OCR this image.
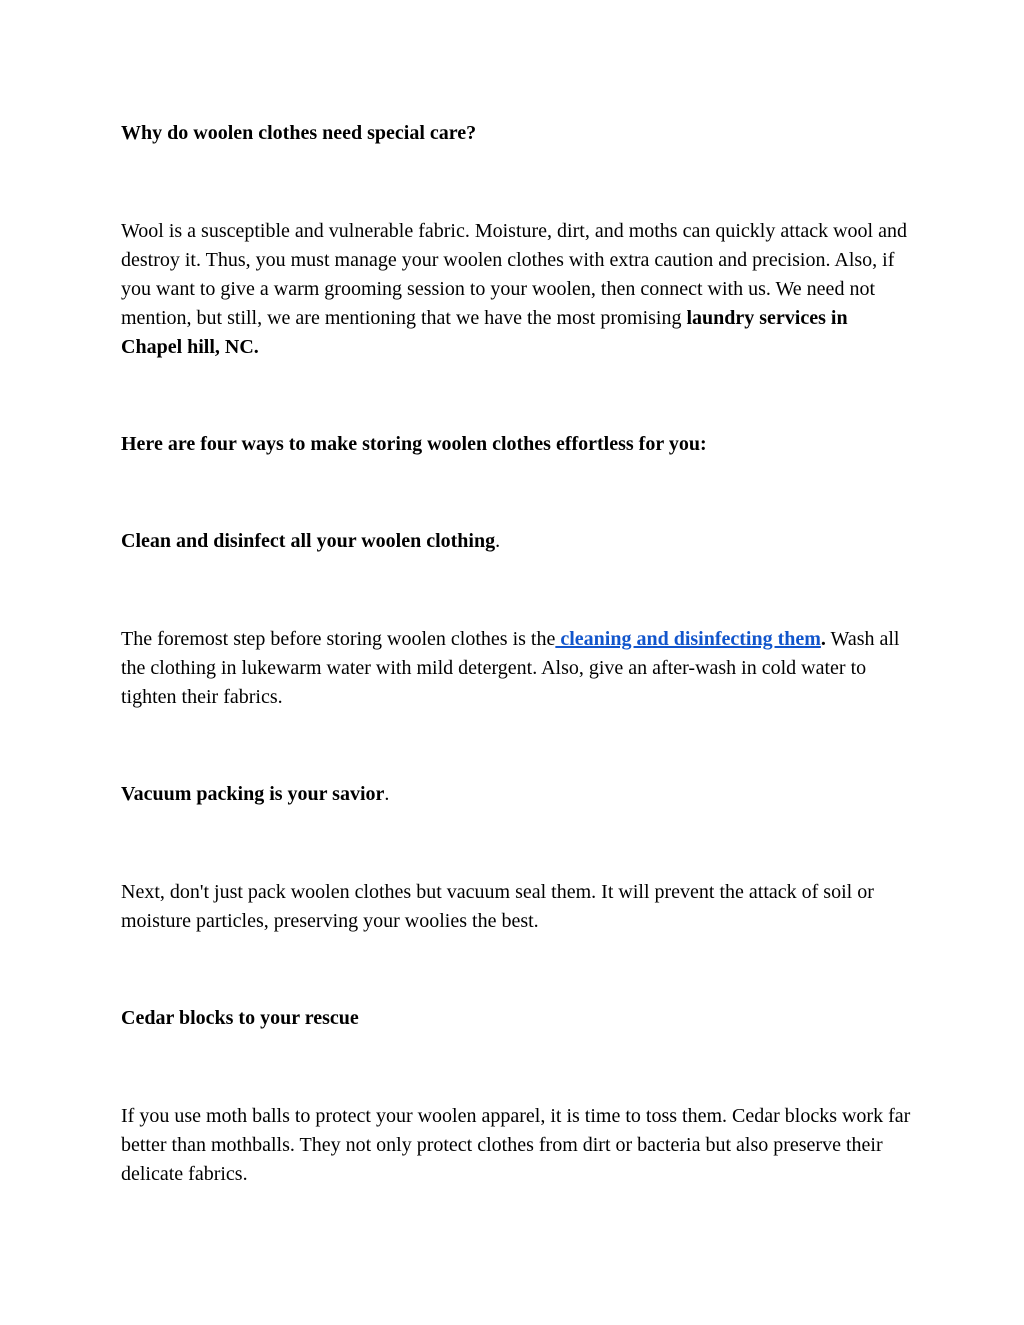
Why do woolen clothes need special care?

Wool is a susceptible and vulnerable fabric. Moisture, dirt, and moths can quickly attack wool and destroy it. Thus, you must manage your woolen clothes with extra caution and precision. Also, if you want to give a warm grooming session to your woolen, then connect with us. We need not mention, but still, we are mentioning that we have the most promising laundry services in Chapel hill, NC.

Here are four ways to make storing woolen clothes effortless for you:

Clean and disinfect all your woolen clothing.

The foremost step before storing woolen clothes is the cleaning and disinfecting them. Wash all the clothing in lukewarm water with mild detergent. Also, give an after-wash in cold water to tighten their fabrics.

Vacuum packing is your savior.

Next, don't just pack woolen clothes but vacuum seal them. It will prevent the attack of soil or moisture particles, preserving your woolies the best.

Cedar blocks to your rescue

If you use moth balls to protect your woolen apparel, it is time to toss them. Cedar blocks work far better than mothballs. They not only protect clothes from dirt or bacteria but also preserve their delicate fabrics.
